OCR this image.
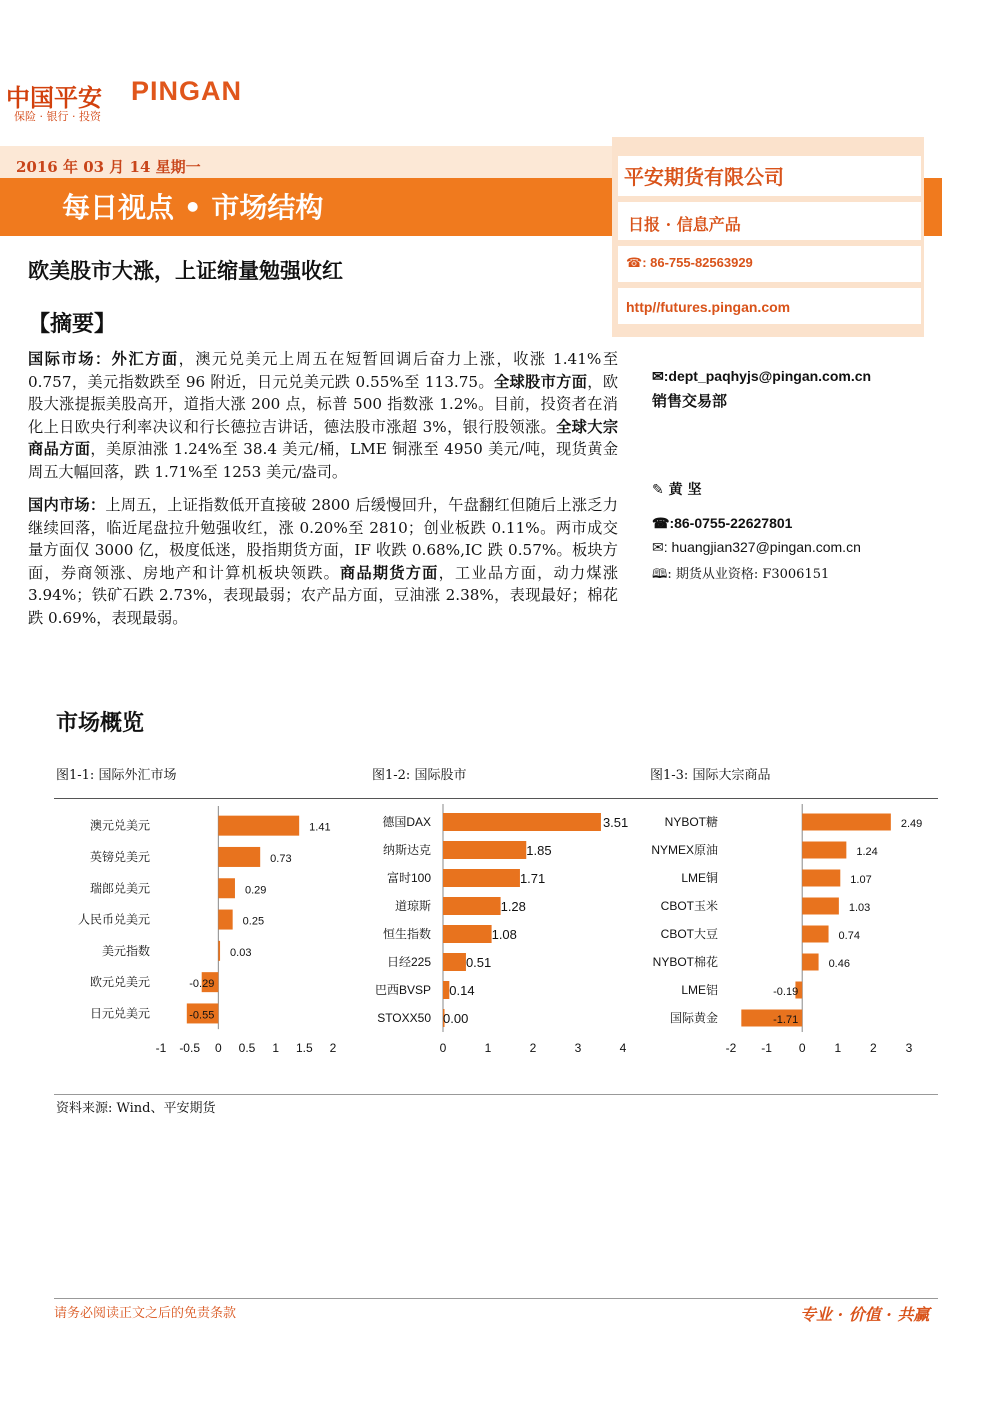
中国平安 PINGAN
保险 · 银行 · 投资
2016 年 03 月 14 星期一
每日视点 • 市场结构
平安期货有限公司
日报 · 信息产品
☎: 86-755-82563929
http//futures.pingan.com
欧美股市大涨，上证缩量勉强收红
【摘要】
国际市场：外汇方面，澳元兑美元上周五在短暂回调后奋力上涨，收涨 1.41%至 0.757，美元指数跌至 96 附近，日元兑美元跌 0.55%至 113.75。全球股市方面，欧股大涨提振美股高开，道指大涨 200 点，标普 500 指数涨 1.2%。目前，投资者在消化上日欧央行利率决议和行长德拉吉讲话，德法股市涨超 3%，银行股领涨。全球大宗商品方面，美原油涨 1.24%至 38.4 美元/桶，LME 铜涨至 4950 美元/吨，现货黄金周五大幅回落，跌 1.71%至 1253 美元/盎司。
国内市场：上周五，上证指数低开直接破 2800 后缓慢回升，午盘翻红但随后上涨乏力继续回落，临近尾盘拉升勉强收红，涨 0.20%至 2810；创业板跌 0.11%。两市成交量方面仅 3000 亿，极度低迷，股指期货方面，IF 收跌 0.68%,IC 跌 0.57%。板块方面，券商领涨、房地产和计算机板块领跌。商品期货方面，工业品方面，动力煤涨 3.94%；铁矿石跌 2.73%，表现最弱；农产品方面，豆油涨 2.38%，表现最好；棉花跌 0.69%，表现最弱。
✉:dept_paqhyjs@pingan.com.cn
销售交易部
✎ 黄 坚
☎:86-0755-22627801
✉: huangjian327@pingan.com.cn
🕮: 期货从业资格: F3006151
市场概览
图1-1: 国际外汇市场	图1-2: 国际股市	图1-3: 国际大宗商品
澳元兑美元	1.41
英镑兑美元	0.73
瑞郎兑美元	0.29
人民币兑美元	0.25
美元指数	0.03
欧元兑美元	-0.29
日元兑美元	-0.55
-1 -0.5 0 0.5 1 1.5 2
德国DAX	3.51
纳斯达克	1.85
富时100	1.71
道琼斯	1.28
恒生指数	1.08
日经225	0.51
巴西BVSP 0.14
STOXX50 0.00
0	1	2	3	4
NYBOT糖	2.49
NYMEX原油	1.24
LME铜	1.07
CBOT玉米	1.03
CBOT大豆	0.74
NYBOT棉花	0.46
LME铝	-0.19
国际黄金	-1.71
-2 -1 0 1 2 3
资料来源: Wind、平安期货
请务必阅读正文之后的免责条款	专业 · 价值 · 共赢
